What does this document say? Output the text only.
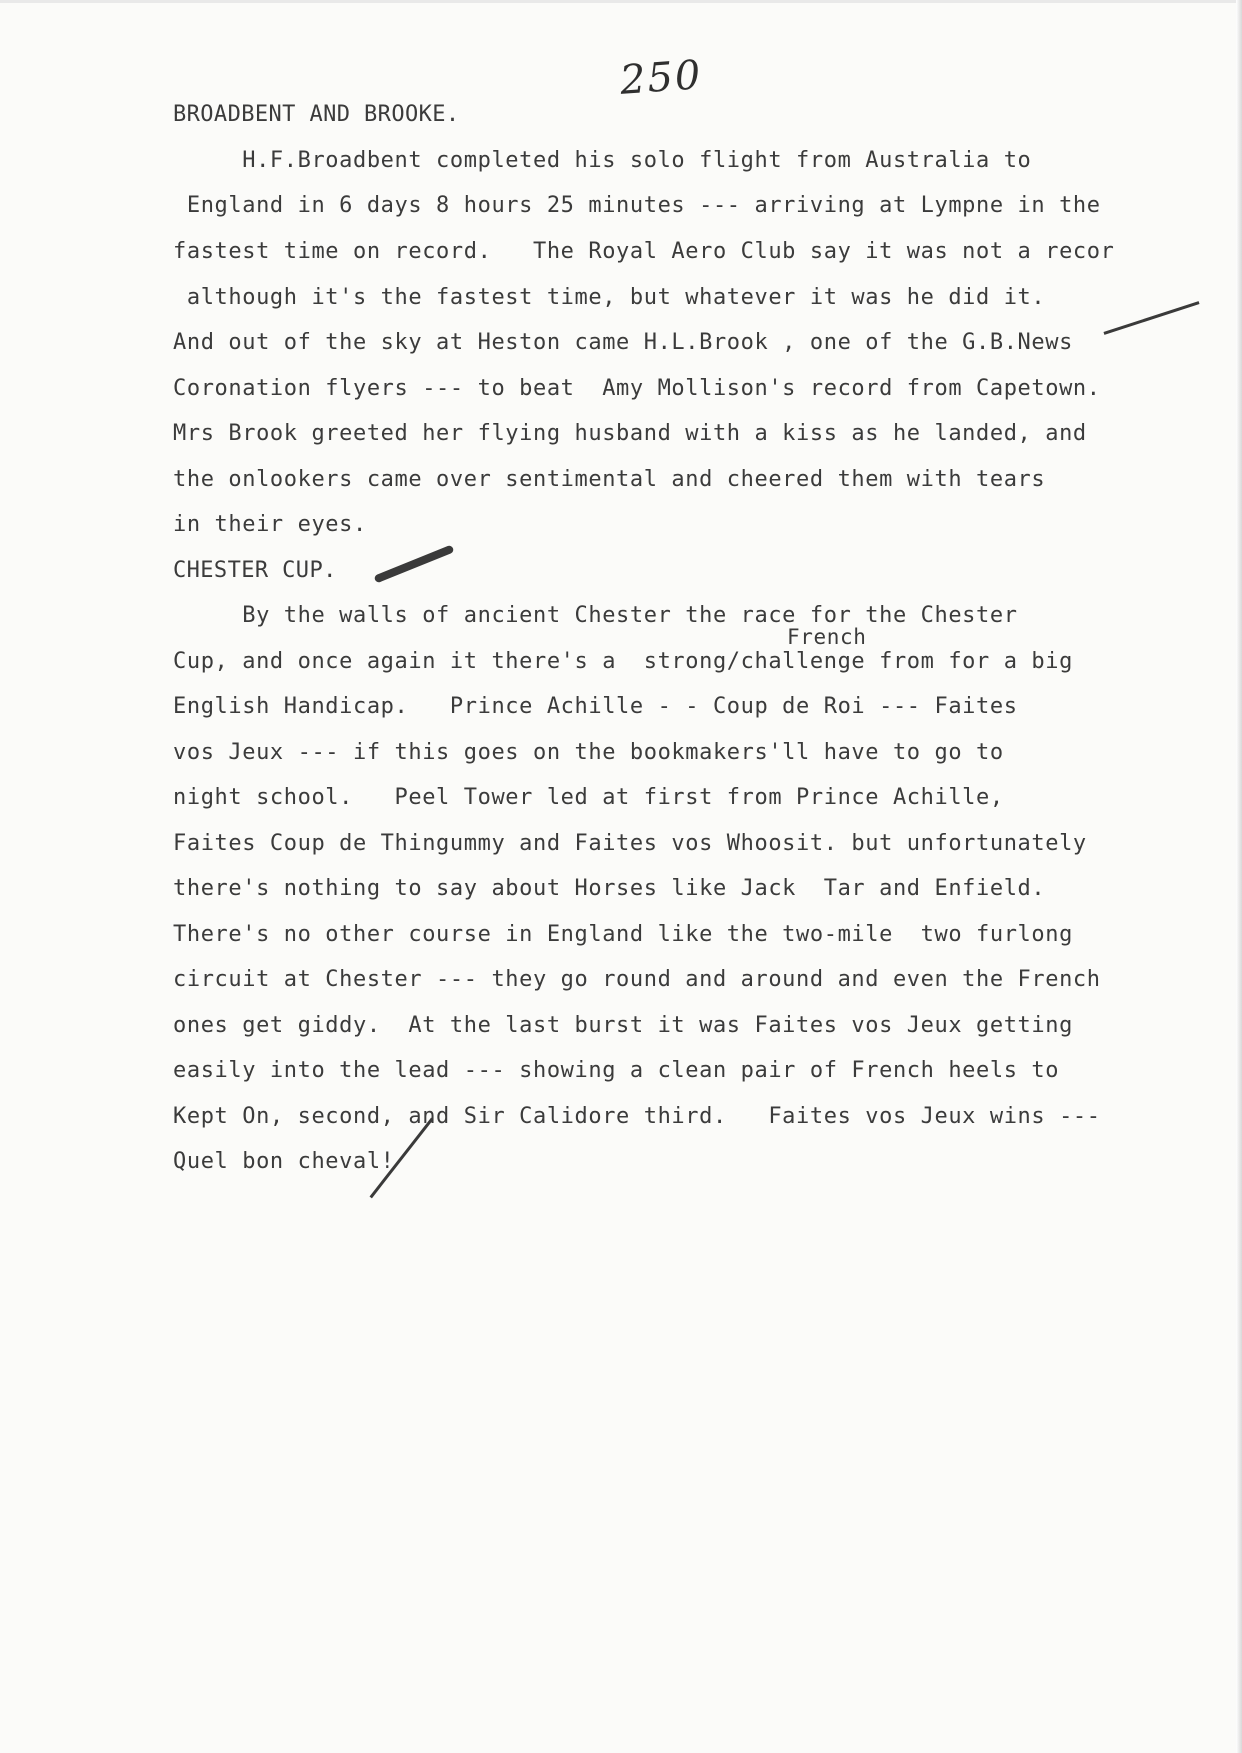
250
BROADBENT AND BROOKE.
H.F.Broadbent completed his solo flight from Australia to
England in 6 days 8 hours 25 minutes --- arriving at Lympne in the
fastest time on record.   The Royal Aero Club say it was not a recor
although it's the fastest time, but whatever it was he did it.
And out of the sky at Heston came H.L.Brook , one of the G.B.News
Coronation flyers --- to beat  Amy Mollison's record from Capetown.
Mrs Brook greeted her flying husband with a kiss as he landed, and
the onlookers came over sentimental and cheered them with tears
in their eyes.
CHESTER CUP.
By the walls of ancient Chester the race for the Chester
French
Cup, and once again it there's a  strong/challenge from for a big
English Handicap.   Prince Achille - - Coup de Roi --- Faites
vos Jeux --- if this goes on the bookmakers'll have to go to
night school.   Peel Tower led at first from Prince Achille,
Faites Coup de Thingummy and Faites vos Whoosit. but unfortunately
there's nothing to say about Horses like Jack  Tar and Enfield.
There's no other course in England like the two-mile  two furlong
circuit at Chester --- they go round and around and even the French
ones get giddy.  At the last burst it was Faites vos Jeux getting
easily into the lead --- showing a clean pair of French heels to
Kept On, second, and Sir Calidore third.   Faites vos Jeux wins ---
Quel bon cheval!
